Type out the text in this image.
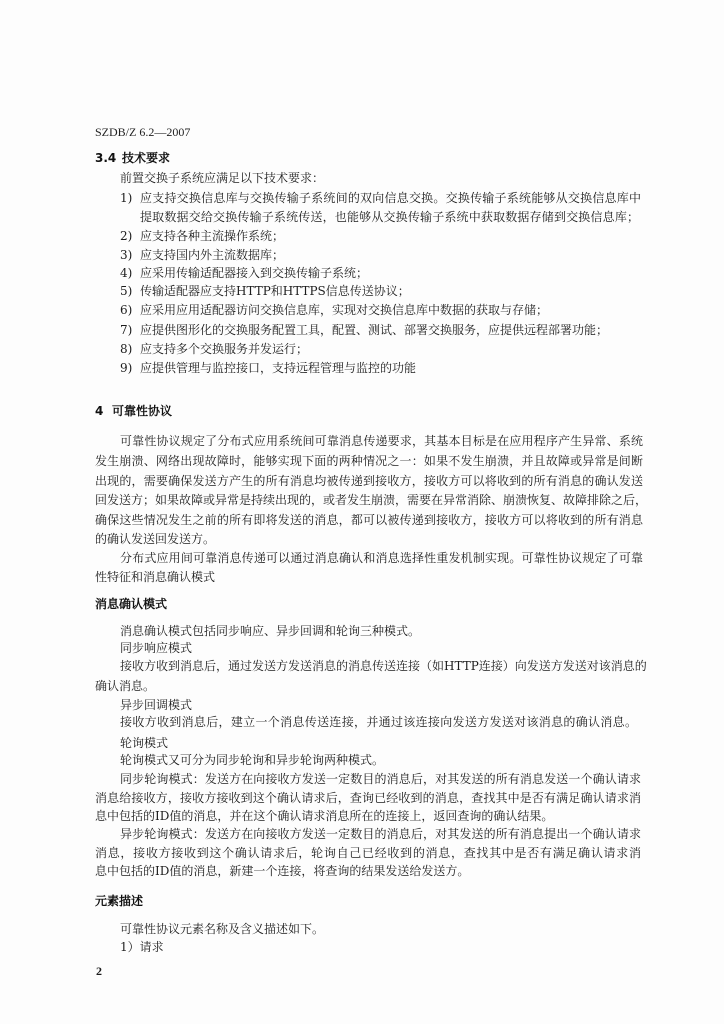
SZDB/Z 6.2—2007
3.4 技术要求
前置交换子系统应满足以下技术要求：
1) 应支持交换信息库与交换传输子系统间的双向信息交换。交换传输子系统能够从交换信息库中
提取数据交给交换传输子系统传送，也能够从交换传输子系统中获取数据存储到交换信息库；
2) 应支持各种主流操作系统；
3) 应支持国内外主流数据库；
4) 应采用传输适配器接入到交换传输子系统；
5) 传输适配器应支持HTTP和HTTPS信息传送协议；
6) 应采用应用适配器访问交换信息库，实现对交换信息库中数据的获取与存储；
7) 应提供图形化的交换服务配置工具，配置、测试、部署交换服务，应提供远程部署功能；
8) 应支持多个交换服务并发运行；
9) 应提供管理与监控接口，支持远程管理与监控的功能
4 可靠性协议
可靠性协议规定了分布式应用系统间可靠消息传递要求，其基本目标是在应用程序产生异常、系统
发生崩溃、网络出现故障时，能够实现下面的两种情况之一：如果不发生崩溃，并且故障或异常是间断
出现的，需要确保发送方产生的所有消息均被传递到接收方，接收方可以将收到的所有消息的确认发送
回发送方；如果故障或异常是持续出现的，或者发生崩溃，需要在异常消除、崩溃恢复、故障排除之后，
确保这些情况发生之前的所有即将发送的消息，都可以被传递到接收方，接收方可以将收到的所有消息
的确认发送回发送方。
分布式应用间可靠消息传递可以通过消息确认和消息选择性重发机制实现。可靠性协议规定了可靠
性特征和消息确认模式
消息确认模式
消息确认模式包括同步响应、异步回调和轮询三种模式。
同步响应模式
接收方收到消息后，通过发送方发送消息的消息传送连接（如HTTP连接）向发送方发送对该消息的
确认消息。
异步回调模式
接收方收到消息后，建立一个消息传送连接，并通过该连接向发送方发送对该消息的确认消息。
轮询模式
轮询模式又可分为同步轮询和异步轮询两种模式。
同步轮询模式：发送方在向接收方发送一定数目的消息后，对其发送的所有消息发送一个确认请求
消息给接收方，接收方接收到这个确认请求后，查询已经收到的消息，查找其中是否有满足确认请求消
息中包括的ID值的消息，并在这个确认请求消息所在的连接上，返回查询的确认结果。
异步轮询模式：发送方在向接收方发送一定数目的消息后，对其发送的所有消息提出一个确认请求
消息，接收方接收到这个确认请求后，轮询自己已经收到的消息，查找其中是否有满足确认请求消
息中包括的ID值的消息，新建一个连接，将查询的结果发送给发送方。
元素描述
可靠性协议元素名称及含义描述如下。
1）请求
2
